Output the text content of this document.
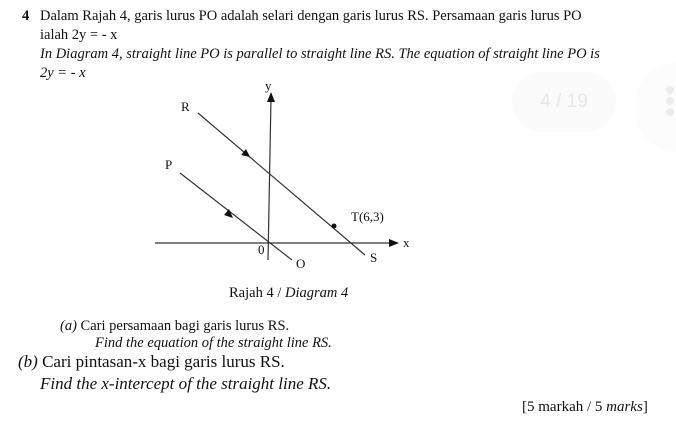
4 Dalam Rajah 4, garis lurus PO adalah selari dengan garis lurus RS. Persamaan garis lurus PO
ialah 2y = - x
In Diagram 4, straight line PO is parallel to straight line RS. The equation of straight line PO is
2y = - x
4 / 19
y
x
R
P
T(6,3)
S
O
0
Rajah 4 / Diagram 4
(a) Cari persamaan bagi garis lurus RS.
Find the equation of the straight line RS.
(b) Cari pintasan-x bagi garis lurus RS.
Find the x-intercept of the straight line RS.
[5 markah / 5 marks]
